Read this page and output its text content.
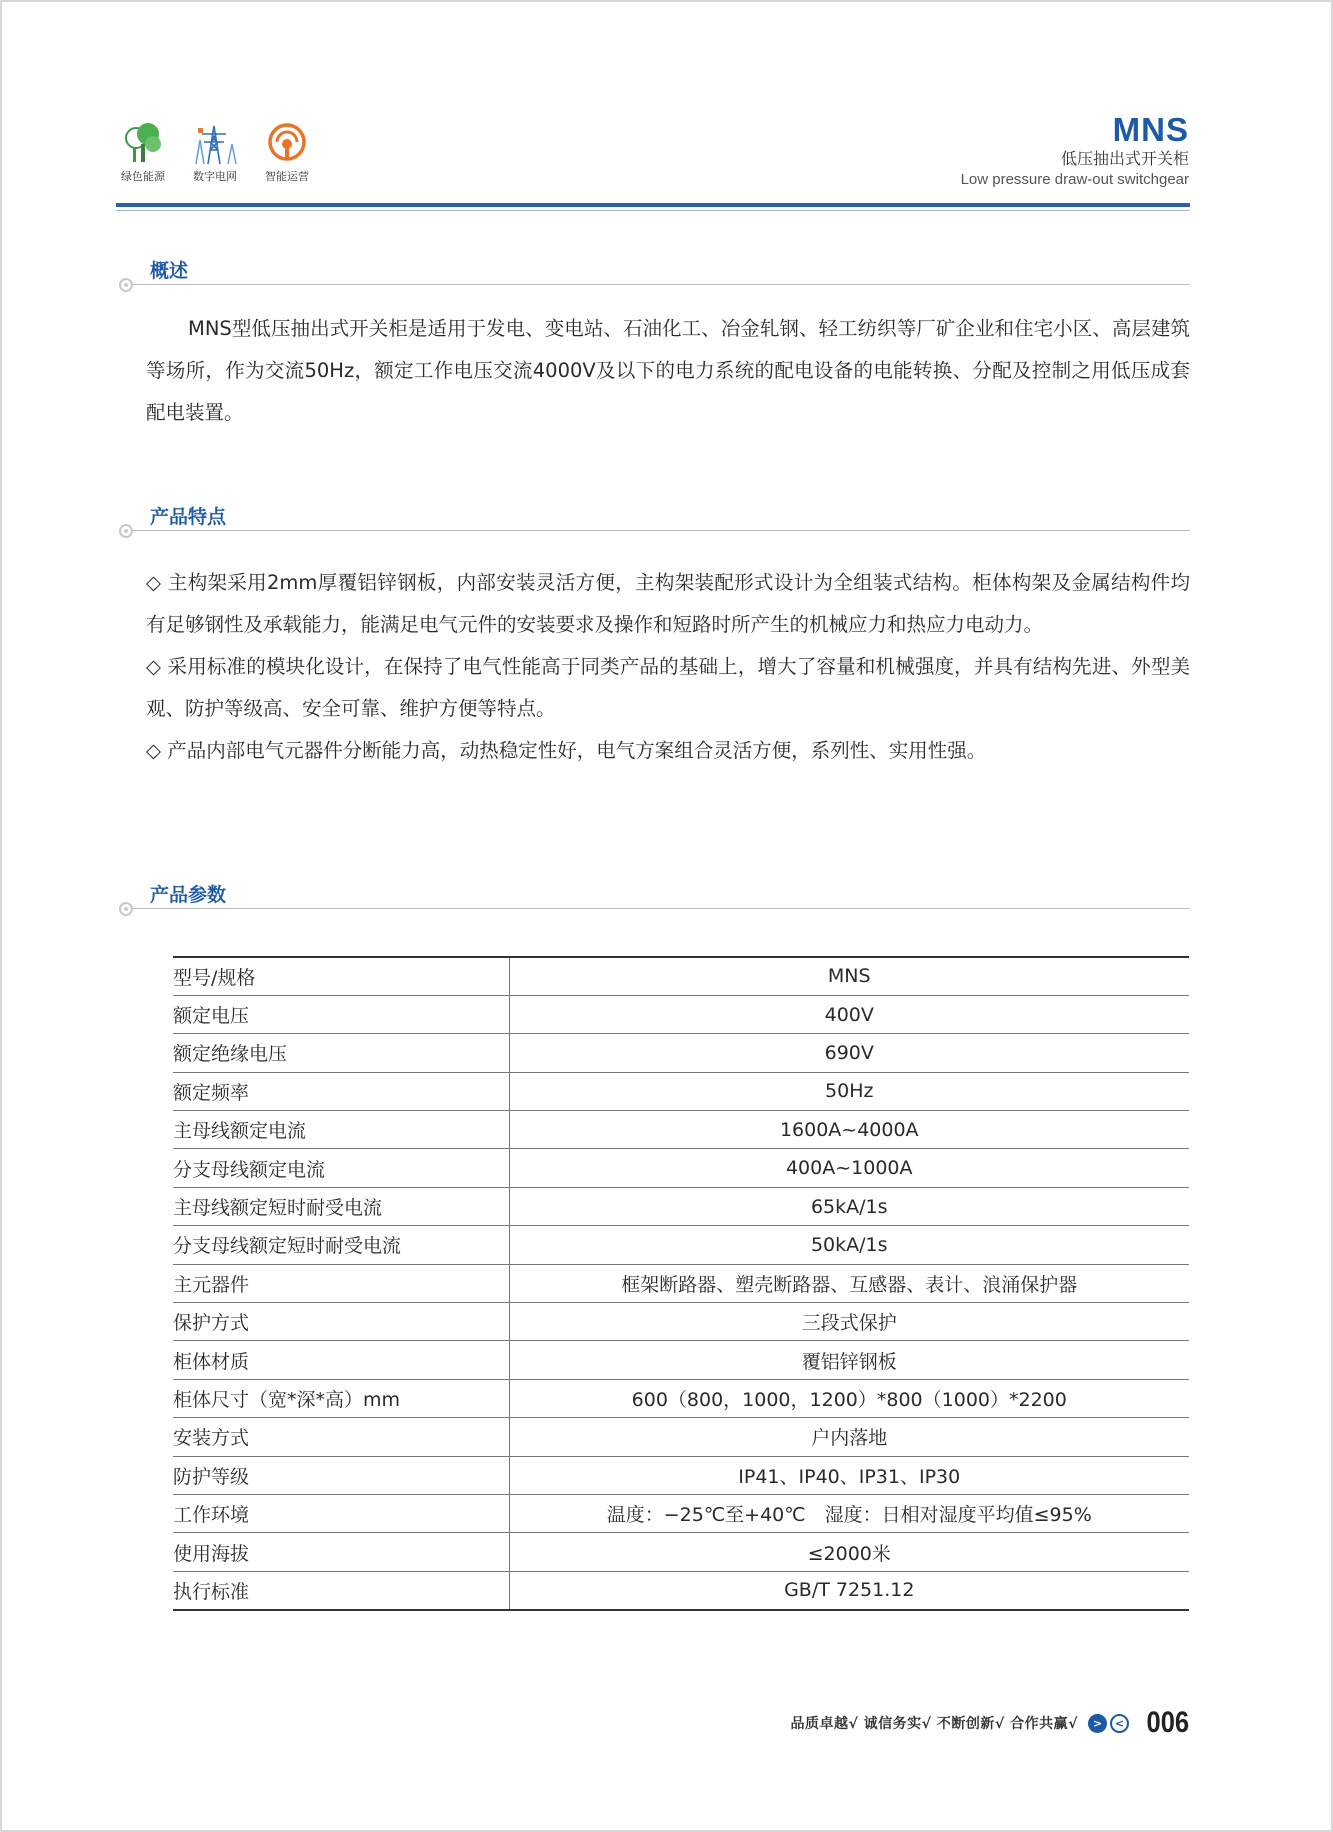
绿色能源	数字电网	智能运营
MNS
低压抽出式开关柜
Low pressure draw-out switchgear
概述
MNS型低压抽出式开关柜是适用于发电、变电站、石油化工、冶金轧钢、轻工纺织等厂矿企业和住宅小区、高层建筑等场所，作为交流50Hz，额定工作电压交流4000V及以下的电力系统的配电设备的电能转换、分配及控制之用低压成套配电装置。
产品特点

◇ 主构架采用2mm厚覆铝锌钢板，内部安装灵活方便，主构架装配形式设计为全组装式结构。柜体构架及金属结构件均有足够钢性及承载能力，能满足电气元件的安装要求及操作和短路时所产生的机械应力和热应力电动力。

◇ 采用标准的模块化设计，在保持了电气性能高于同类产品的基础上，增大了容量和机械强度，并具有结构先进、外型美观、防护等级高、安全可靠、维护方便等特点。

◇ 产品内部电气元器件分断能力高，动热稳定性好，电气方案组合灵活方便，系列性、实用性强。

产品参数
型号/规格	MNS
额定电压	400V
额定绝缘电压	690V
额定频率	50Hz
主母线额定电流	1600A~4000A
分支母线额定电流	400A~1000A
主母线额定短时耐受电流	65kA/1s
分支母线额定短时耐受电流	50kA/1s
主元器件	框架断路器、塑壳断路器、互感器、表计、浪涌保护器
保护方式	三段式保护
柜体材质	覆铝锌钢板
柜体尺寸（宽*深*高）mm	600（800，1000，1200）*800（1000）*2200
安装方式	户内落地
防护等级	IP41、IP40、IP31、IP30
工作环境	温度：−25℃至+40℃　湿度：日相对湿度平均值≤95%
使用海拔	≤2000米
执行标准	GB/T 7251.12
品质卓越√ 诚信务实√ 不断创新√ 合作共赢√	>	< 006
